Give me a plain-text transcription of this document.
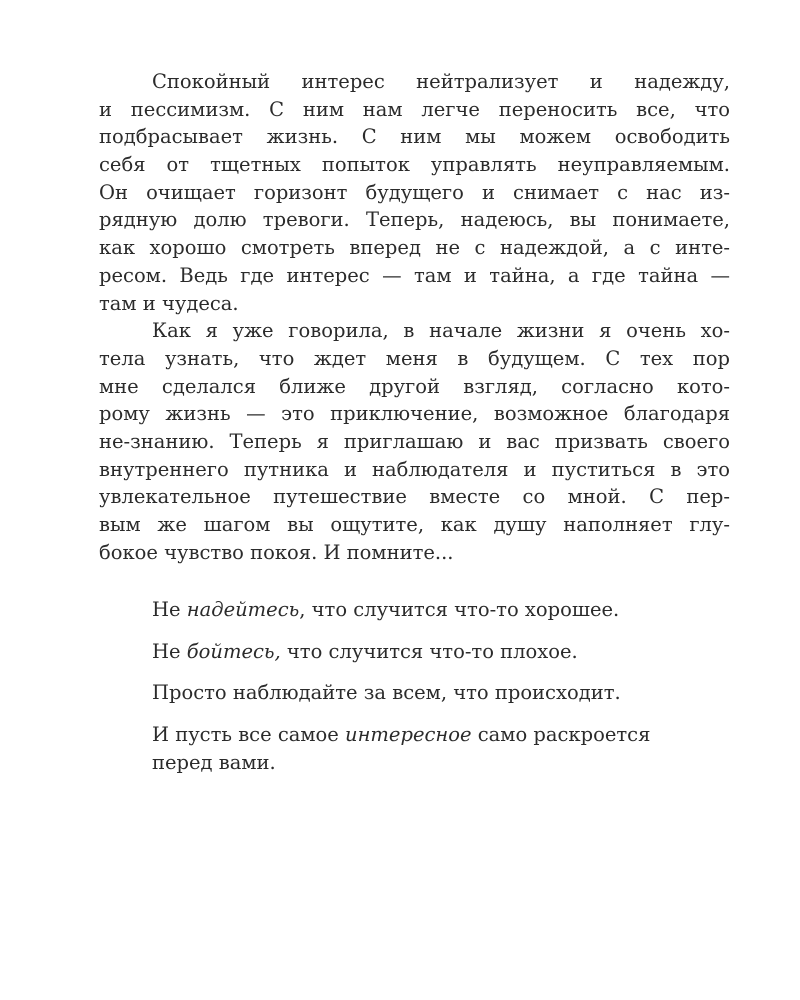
Спокойный интерес нейтрализует и надежду,
и пессимизм. С ним нам легче переносить все, что
подбрасывает жизнь. С ним мы можем освободить
себя от тщетных попыток управлять неуправляемым.
Он очищает горизонт будущего и снимает с нас из-
рядную долю тревоги. Теперь, надеюсь, вы понимаете,
как хорошо смотреть вперед не с надеждой, а с инте-
ресом. Ведь где интерес — там и тайна, а где тайна —
там и чудеса.
Как я уже говорила, в начале жизни я очень хо-
тела узнать, что ждет меня в будущем. С тех пор
мне сделался ближе другой взгляд, согласно кото-
рому жизнь — это приключение, возможное благодаря
не-знанию. Теперь я приглашаю и вас призвать своего
внутреннего путника и наблюдателя и пуститься в это
увлекательное путешествие вместе со мной. С пер-
вым же шагом вы ощутите, как душу наполняет глу-
бокое чувство покоя. И помните...
Не надейтесь, что случится что-то хорошее.
Не бойтесь, что случится что-то плохое.
Просто наблюдайте за всем, что происходит.
И пусть все самое интересное само раскроется
перед вами.
